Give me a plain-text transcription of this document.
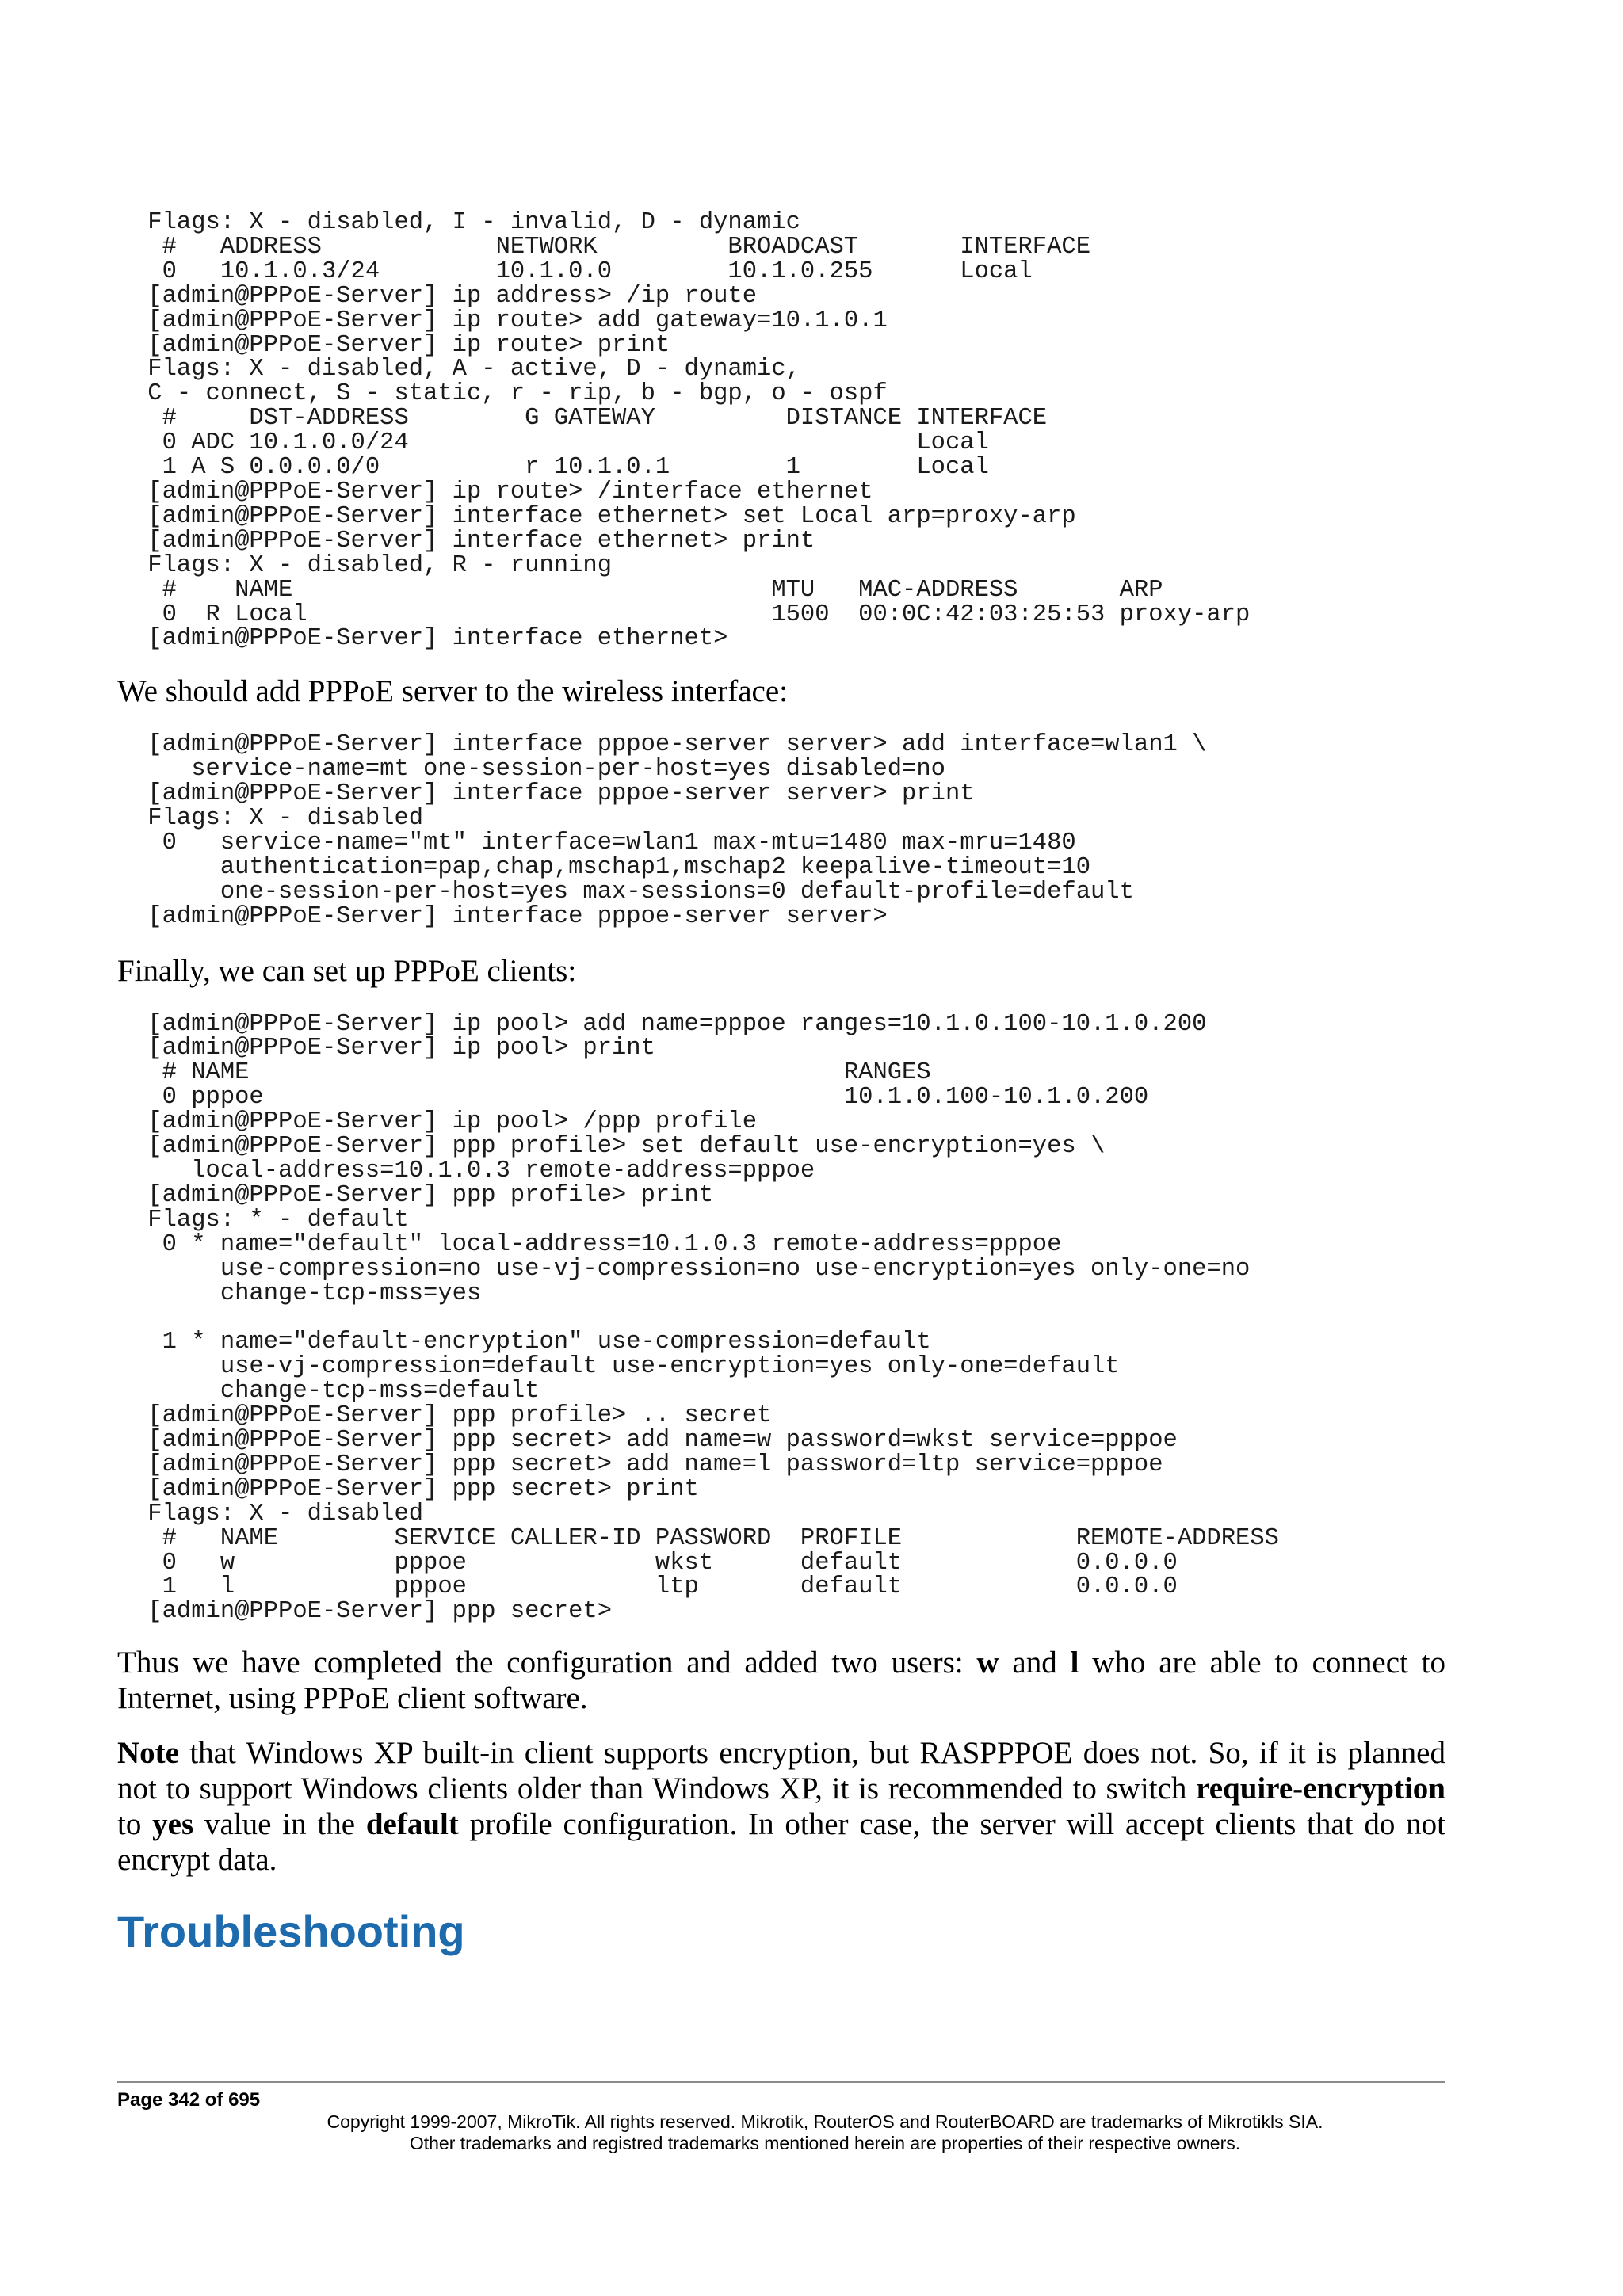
Flags: X - disabled, I - invalid, D - dynamic
#   ADDRESS            NETWORK         BROADCAST       INTERFACE
0   10.1.0.3/24        10.1.0.0        10.1.0.255      Local
[admin@PPPoE-Server] ip address> /ip route
[admin@PPPoE-Server] ip route> add gateway=10.1.0.1
[admin@PPPoE-Server] ip route> print
Flags: X - disabled, A - active, D - dynamic,
C - connect, S - static, r - rip, b - bgp, o - ospf
#     DST-ADDRESS        G GATEWAY         DISTANCE INTERFACE
0 ADC 10.1.0.0/24                                   Local
1 A S 0.0.0.0/0          r 10.1.0.1        1        Local
[admin@PPPoE-Server] ip route> /interface ethernet
[admin@PPPoE-Server] interface ethernet> set Local arp=proxy-arp
[admin@PPPoE-Server] interface ethernet> print
Flags: X - disabled, R - running
#    NAME                                 MTU   MAC-ADDRESS       ARP
0  R Local                                1500  00:0C:42:03:25:53 proxy-arp
[admin@PPPoE-Server] interface ethernet>

We should add PPPoE server to the wireless interface:

[admin@PPPoE-Server] interface pppoe-server server> add interface=wlan1 \
service-name=mt one-session-per-host=yes disabled=no
[admin@PPPoE-Server] interface pppoe-server server> print
Flags: X - disabled
0   service-name="mt" interface=wlan1 max-mtu=1480 max-mru=1480
authentication=pap,chap,mschap1,mschap2 keepalive-timeout=10
one-session-per-host=yes max-sessions=0 default-profile=default
[admin@PPPoE-Server] interface pppoe-server server>

Finally, we can set up PPPoE clients:

[admin@PPPoE-Server] ip pool> add name=pppoe ranges=10.1.0.100-10.1.0.200
[admin@PPPoE-Server] ip pool> print
# NAME                                         RANGES
0 pppoe                                        10.1.0.100-10.1.0.200
[admin@PPPoE-Server] ip pool> /ppp profile
[admin@PPPoE-Server] ppp profile> set default use-encryption=yes \
local-address=10.1.0.3 remote-address=pppoe
[admin@PPPoE-Server] ppp profile> print
Flags: * - default
0 * name="default" local-address=10.1.0.3 remote-address=pppoe
use-compression=no use-vj-compression=no use-encryption=yes only-one=no
change-tcp-mss=yes

1 * name="default-encryption" use-compression=default
use-vj-compression=default use-encryption=yes only-one=default
change-tcp-mss=default
[admin@PPPoE-Server] ppp profile> .. secret
[admin@PPPoE-Server] ppp secret> add name=w password=wkst service=pppoe
[admin@PPPoE-Server] ppp secret> add name=l password=ltp service=pppoe
[admin@PPPoE-Server] ppp secret> print
Flags: X - disabled
#   NAME        SERVICE CALLER-ID PASSWORD  PROFILE            REMOTE-ADDRESS
0   w           pppoe             wkst      default            0.0.0.0
1   l           pppoe             ltp       default            0.0.0.0
[admin@PPPoE-Server] ppp secret>

Thus we have completed the configuration and added two users: w and l who are able to connect to Internet, using PPPoE client software.

Note that Windows XP built-in client supports encryption, but RASPPPOE does not. So, if it is planned not to support Windows clients older than Windows XP, it is recommended to switch require-encryption to yes value in the default profile configuration. In other case, the server will accept clients that do not encrypt data.

Troubleshooting
Page 342 of 695
Copyright 1999-2007, MikroTik. All rights reserved. Mikrotik, RouterOS and RouterBOARD are trademarks of Mikrotikls SIA.
Other trademarks and registred trademarks mentioned herein are properties of their respective owners.
